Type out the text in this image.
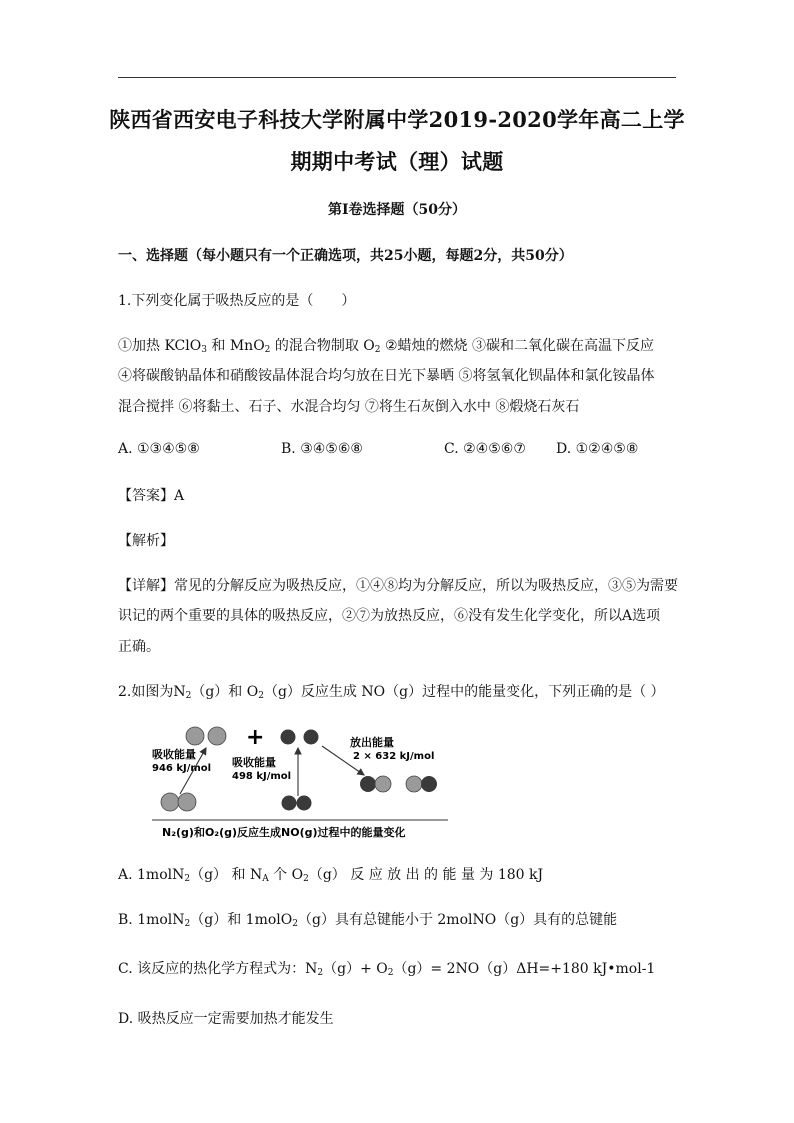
陕西省西安电子科技大学附属中学2019-2020学年高二上学
期期中考试（理）试题
第Ⅰ卷选择题（50分）
一、选择题（每小题只有一个正确选项，共25小题，每题2分，共50分）
1.下列变化属于吸热反应的是（　　）
①加热 KClO$_3$ 和 MnO$_2$ 的混合物制取 $O_2$ ②蜡烛的燃烧 ③碳和二氧化碳在高温下反应
④将碳酸钠晶体和硝酸铵晶体混合均匀放在日光下暴晒 ⑤将氢氧化钡晶体和氯化铵晶体
混合搅拌 ⑥将黏土、石子、水混合均匀 ⑦将生石灰倒入水中 ⑧煅烧石灰石
A. ①③④⑤⑧	B. ③④⑤⑥⑧	C. ②④⑤⑥⑦ D. ①②④⑤⑧
【答案】A
【解析】
【详解】常见的分解反应为吸热反应，①④⑧均为分解反应，所以为吸热反应，③⑤为需要
识记的两个重要的具体的吸热反应，②⑦为放热反应，⑥没有发生化学变化，所以A选项
正确。
2.如图为$N_2(g)$和 $O_2(g)$反应生成 NO（g）过程中的能量变化，下列正确的是（ ）
+
吸收能量
946 kJ/mol 吸收能量
498 kJ/mol
放出能量
2 × 632 kJ/mol
N₂(g)和O₂(g)反应生成NO(g)过程中的能量变化
A. 1molN$_2$（g） 和 $N_A$ 个 $O_2(g)$ 反 应 放 出 的 能 量 为 180 kJ
B. 1molN$_2$（g）和 1molO$_2$（g）具有总键能小于 2molNO（g）具有的总键能
C. 该反应的热化学方程式为：$N_2(g)+ O_2(g)= 2NO(g)\Delta H=+180$ kJ•mol-1
D. 吸热反应一定需要加热才能发生
